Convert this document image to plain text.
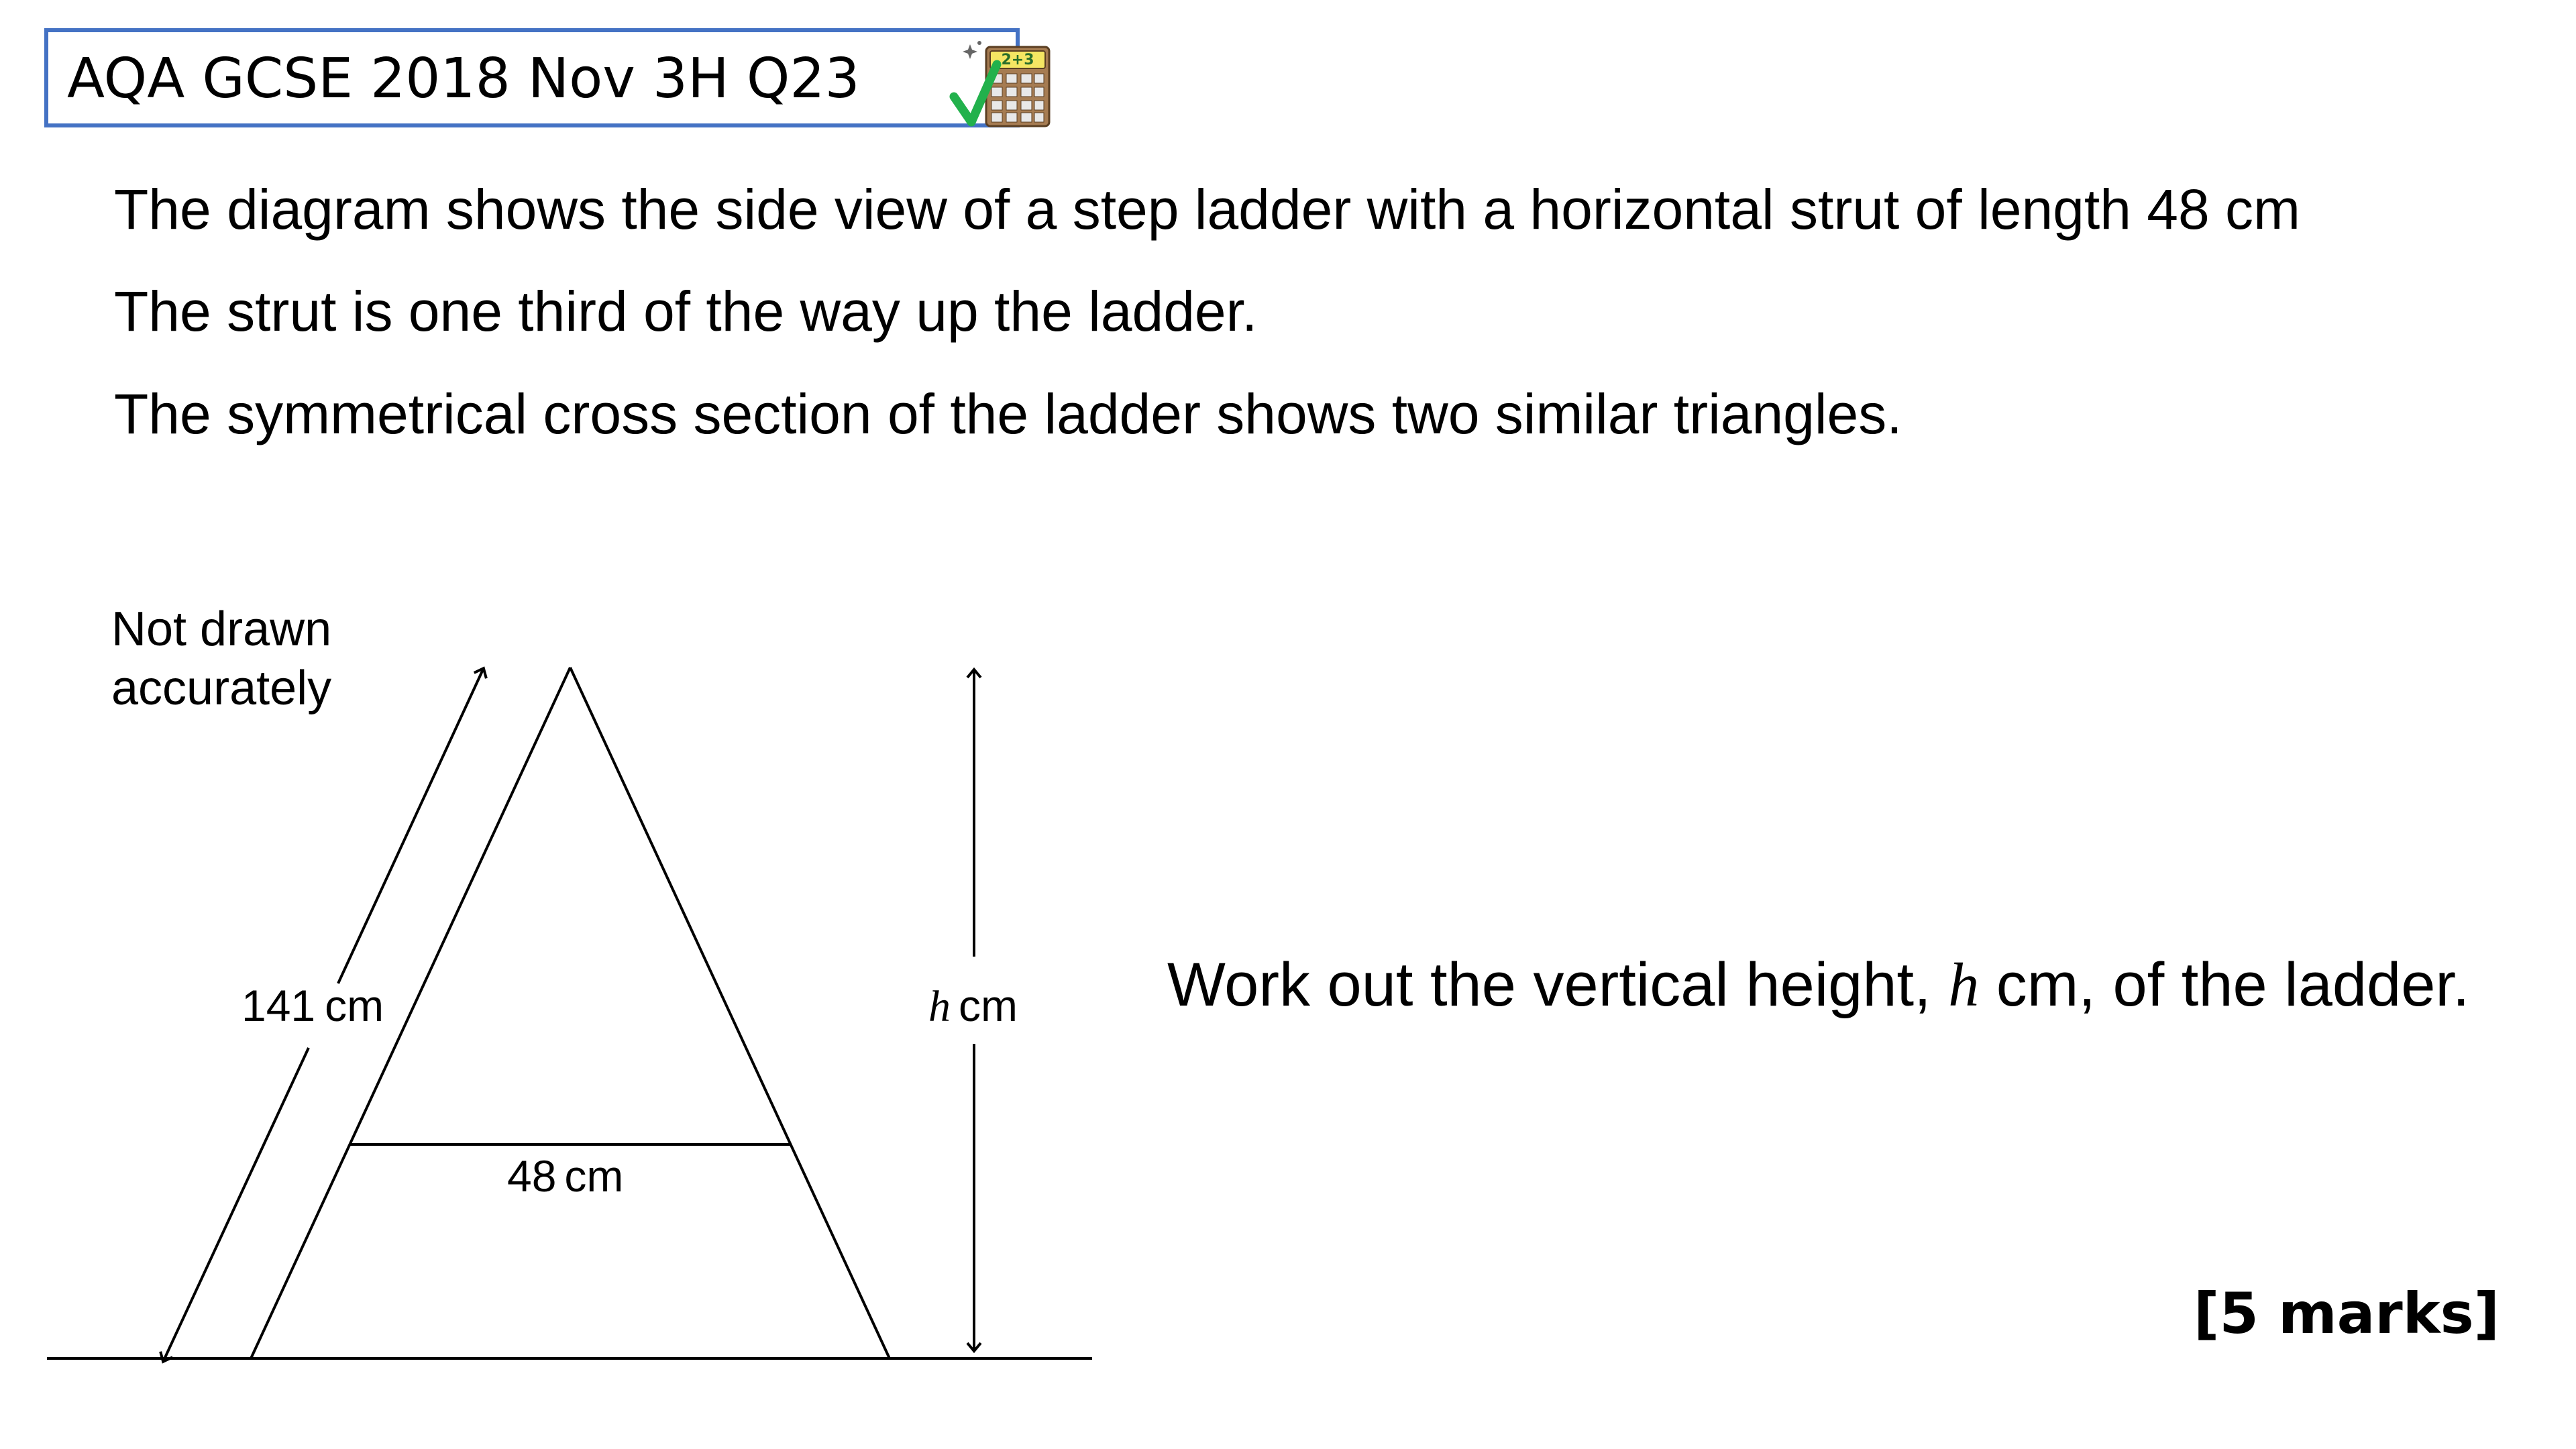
AQA GCSE 2018 Nov 3H Q23	2+3
The diagram shows the side view of a step ladder with a horizontal strut of length 48 cm
The strut is one third of the way up the ladder.
The symmetrical cross section of the ladder shows two similar triangles.
Not drawn
accurately
141 cm	h cm
48 cm
Work out the vertical height, h cm, of the ladder.
[5 marks]
